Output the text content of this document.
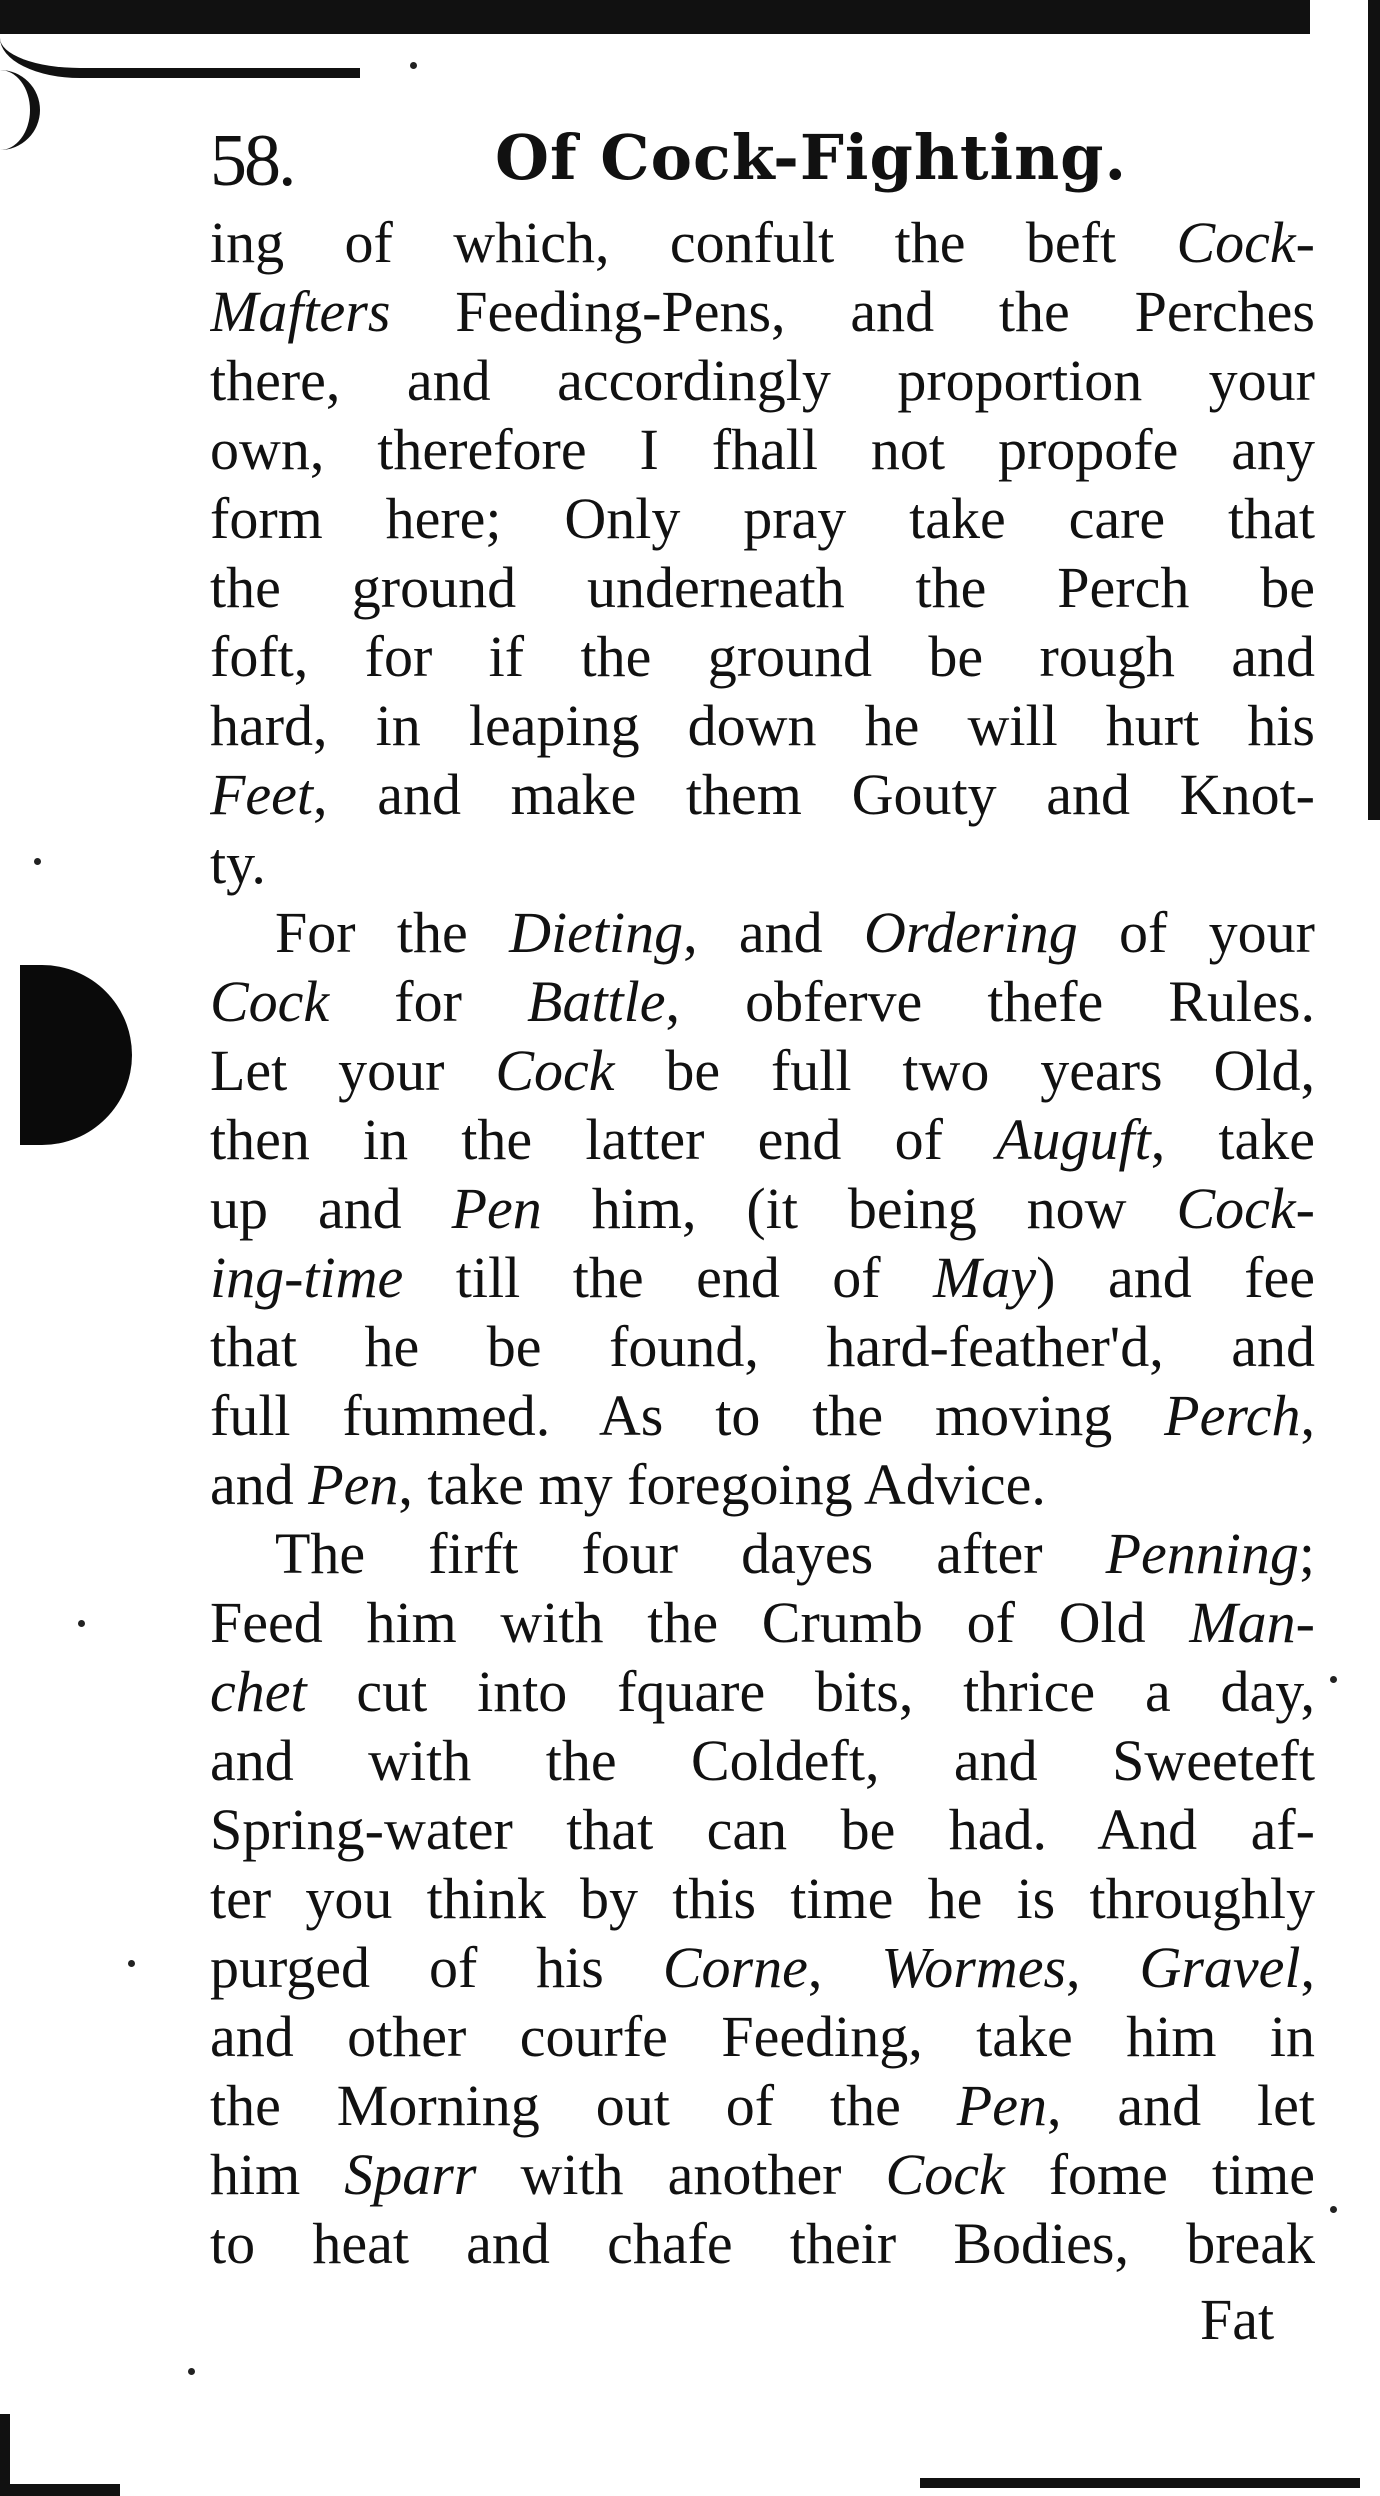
58.	Of Cock-Fighting.
ing of which, confult the beft Cock-
Mafters Feeding-Pens, and the Perches
there, and accordingly proportion your
own, therefore I fhall not propofe any
form here; Only pray take care that
the ground underneath the Perch be
foft, for if the ground be rough and
hard, in leaping down he will hurt his
Feet, and make them Gouty and Knot-
ty.
For the Dieting, and Ordering of your
Cock for Battle, obferve thefe Rules.
Let your Cock be full two years Old,
then in the latter end of Auguft, take
up and Pen him, (it being now Cock-
ing-time till the end of May) and fee
that he be found, hard-feather'd, and
full fummed. As to the moving Perch,
and Pen, take my foregoing Advice.
The firft four dayes after Penning;
Feed him with the Crumb of Old Man-
chet cut into fquare bits, thrice a day,
and with the Coldeft, and Sweeteft
Spring-water that can be had. And af-
ter you think by this time he is throughly
purged of his Corne, Wormes, Gravel,
and other courfe Feeding, take him in
the Morning out of the Pen, and let
him Sparr with another Cock fome time
to heat and chafe their Bodies, break
Fat
